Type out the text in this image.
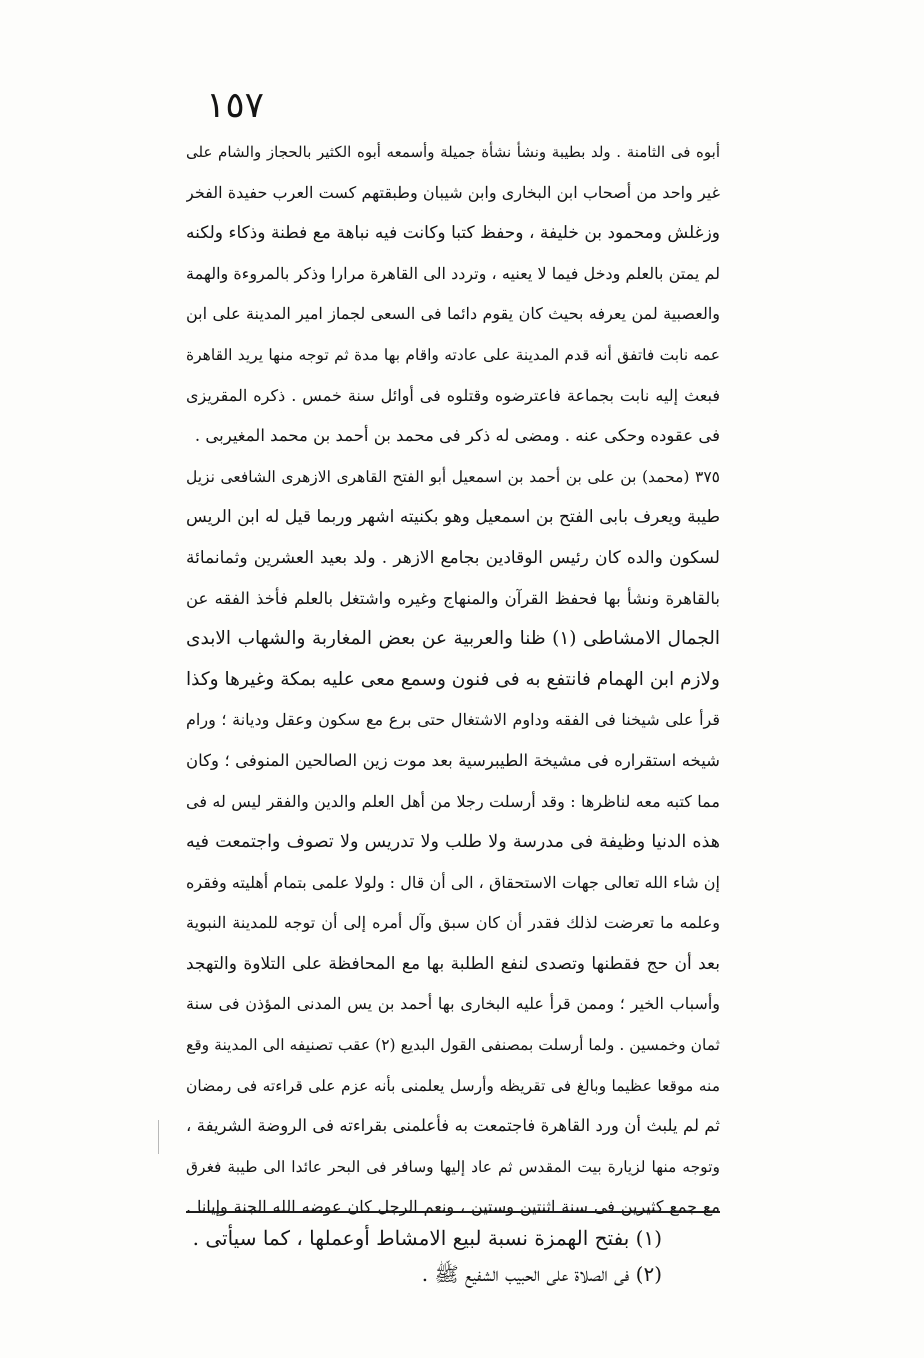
١٥٧
أبوه فى الثامنة . ولد بطيبة ونشأ نشأة جميلة وأسمعه أبوه الكثير بالحجاز والشام على
غير واحد من أصحاب ابن البخارى وابن شيبان وطبقتهم كست العرب حفيدة الفخر
وزغلش ومحمود بن خليفة ، وحفظ كتبا وكانت فيه نباهة مع فطنة وذكاء ولكنه
لم يمتن بالعلم ودخل فيما لا يعنيه ، وتردد الى القاهرة مرارا وذكر بالمروءة والهمة
والعصبية لمن يعرفه بحيث كان يقوم دائما فى السعى لجماز امير المدينة على ابن
عمه نابت فاتفق أنه قدم المدينة على عادته واقام بها مدة ثم توجه منها يريد القاهرة
فبعث إليه نابت بجماعة فاعترضوه وقتلوه فى أوائل سنة خمس . ذكره المقريزى
فى عقوده وحكى عنه . ومضى له ذكر فى محمد بن أحمد بن محمد المغيربى .
٣٧٥ (محمد) بن على بن أحمد بن اسمعيل أبو الفتح القاهرى الازهرى الشافعى نزيل
طيبة ويعرف بابى الفتح بن اسمعيل وهو بكنيته اشهر وربما قيل له ابن الريس
لسكون والده كان رئيس الوقادين بجامع الازهر . ولد بعيد العشرين وثمانمائة
بالقاهرة ونشأ بها فحفظ القرآن والمنهاج وغيره واشتغل بالعلم فأخذ الفقه عن
الجمال الامشاطى (١) ظنا والعربية عن بعض المغاربة والشهاب الابدى
ولازم ابن الهمام فانتفع به فى فنون وسمع معى عليه بمكة وغيرها وكذا
قرأ على شيخنا فى الفقه وداوم الاشتغال حتى برع مع سكون وعقل وديانة ؛ ورام
شيخه استقراره فى مشيخة الطيبرسية بعد موت زين الصالحين المنوفى ؛ وكان
مما كتبه معه لناظرها : وقد أرسلت رجلا من أهل العلم والدين والفقر ليس له فى
هذه الدنيا وظيفة فى مدرسة ولا طلب ولا تدريس ولا تصوف واجتمعت فيه
إن شاء الله تعالى جهات الاستحقاق ، الى أن قال : ولولا علمى بتمام أهليته وفقره
وعلمه ما تعرضت لذلك فقدر أن كان سبق وآل أمره إلى أن توجه للمدينة النبوية
بعد أن حج فقطنها وتصدى لنفع الطلبة بها مع المحافظة على التلاوة والتهجد
وأسباب الخير ؛ وممن قرأ عليه البخارى بها أحمد بن يس المدنى المؤذن فى سنة
ثمان وخمسين . ولما أرسلت بمصنفى القول البديع (٢) عقب تصنيفه الى المدينة وقع
منه موقعا عظيما وبالغ فى تقريظه وأرسل يعلمنى بأنه عزم على قراءته فى رمضان
ثم لم يلبث أن ورد القاهرة فاجتمعت به فأعلمنى بقراءته فى الروضة الشريفة ،
وتوجه منها لزيارة بيت المقدس ثم عاد إليها وسافر فى البحر عائدا الى طيبة فغرق
مع جمع كثيرين فى سنة اثنتين وستين ، ونعم الرجل كان عوضه الله الجنة وإيانا .
(١) بفتح الهمزة نسبة لبيع الامشاط أوعملها ، كما سيأتى .
(٢) فى الصلاة على الحبيب الشفيع ﷺ .
